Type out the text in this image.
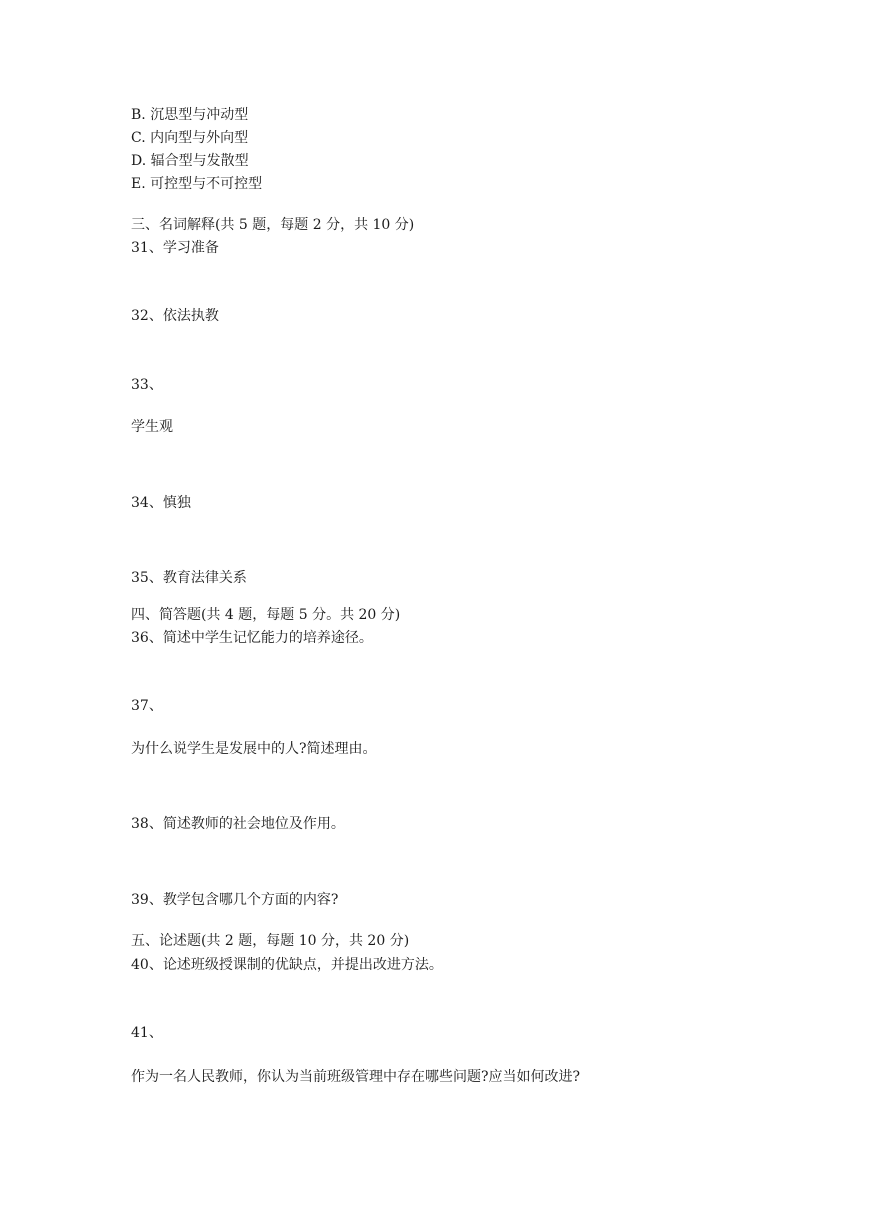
B. 沉思型与冲动型
C. 内向型与外向型
D. 辐合型与发散型
E. 可控型与不可控型
三、名词解释(共 5 题，每题 2 分，共 10 分)
31、学习准备
32、依法执教
33、
学生观
34、慎独
35、教育法律关系
四、简答题(共 4 题，每题 5 分。共 20 分)
36、简述中学生记忆能力的培养途径。
37、
为什么说学生是发展中的人?简述理由。
38、简述教师的社会地位及作用。
39、教学包含哪几个方面的内容?
五、论述题(共 2 题，每题 10 分，共 20 分)
40、论述班级授课制的优缺点，并提出改进方法。
41、
作为一名人民教师，你认为当前班级管理中存在哪些问题?应当如何改进?
